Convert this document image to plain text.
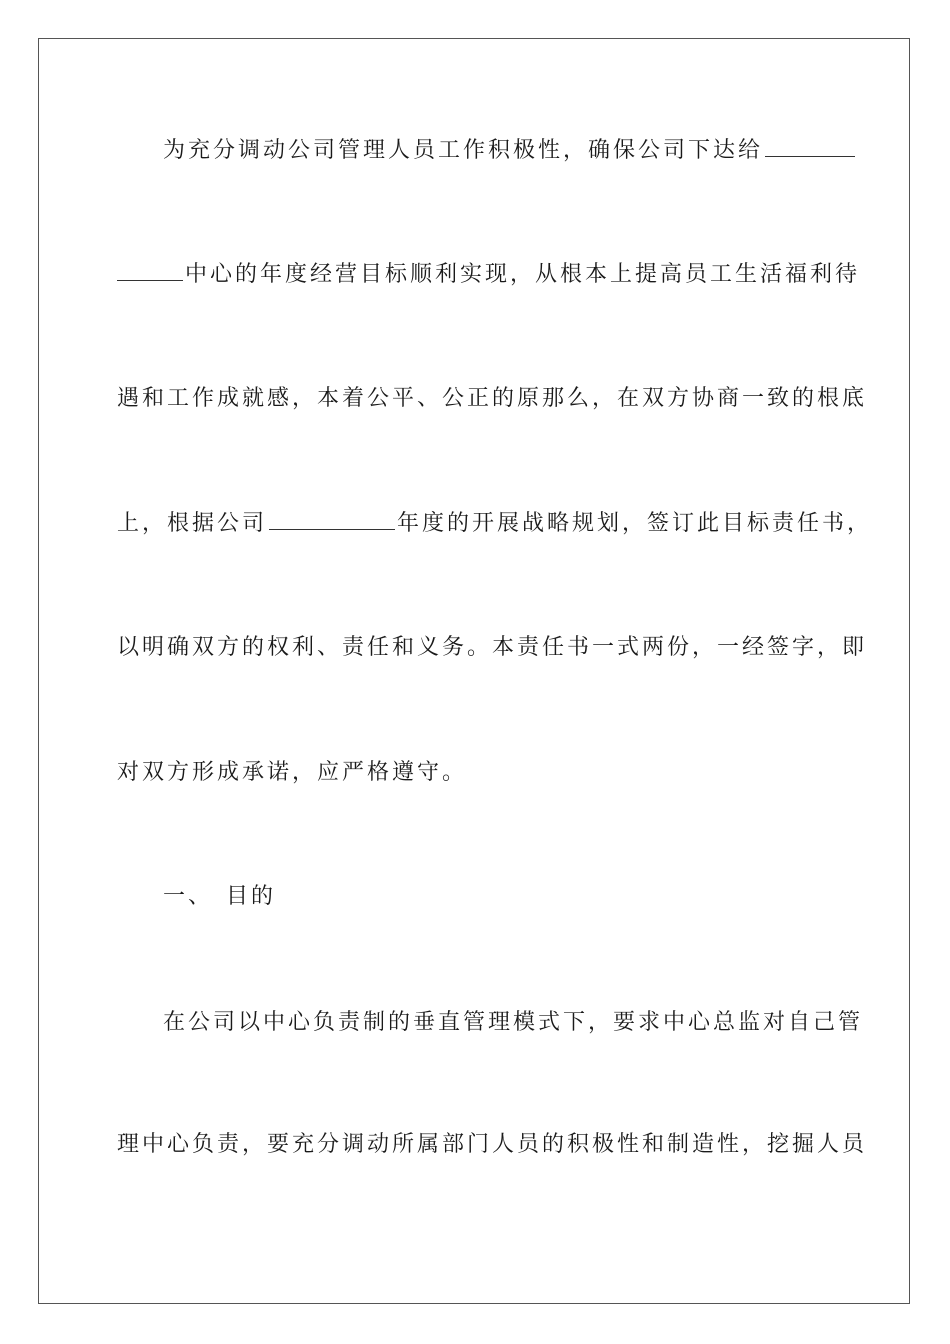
为充分调动公司管理人员工作积极性，确保公司下达给
中心的年度经营目标顺利实现，从根本上提高员工生活福利待
遇和工作成就感，本着公平、公正的原那么，在双方协商一致的根底
上，根据公司	年度的开展战略规划，签订此目标责任书，
以明确双方的权利、责任和义务。本责任书一式两份，一经签字，即
对双方形成承诺，应严格遵守。
一、 目的
在公司以中心负责制的垂直管理模式下，要求中心总监对自己管
理中心负责，要充分调动所属部门人员的积极性和制造性，挖掘人员
